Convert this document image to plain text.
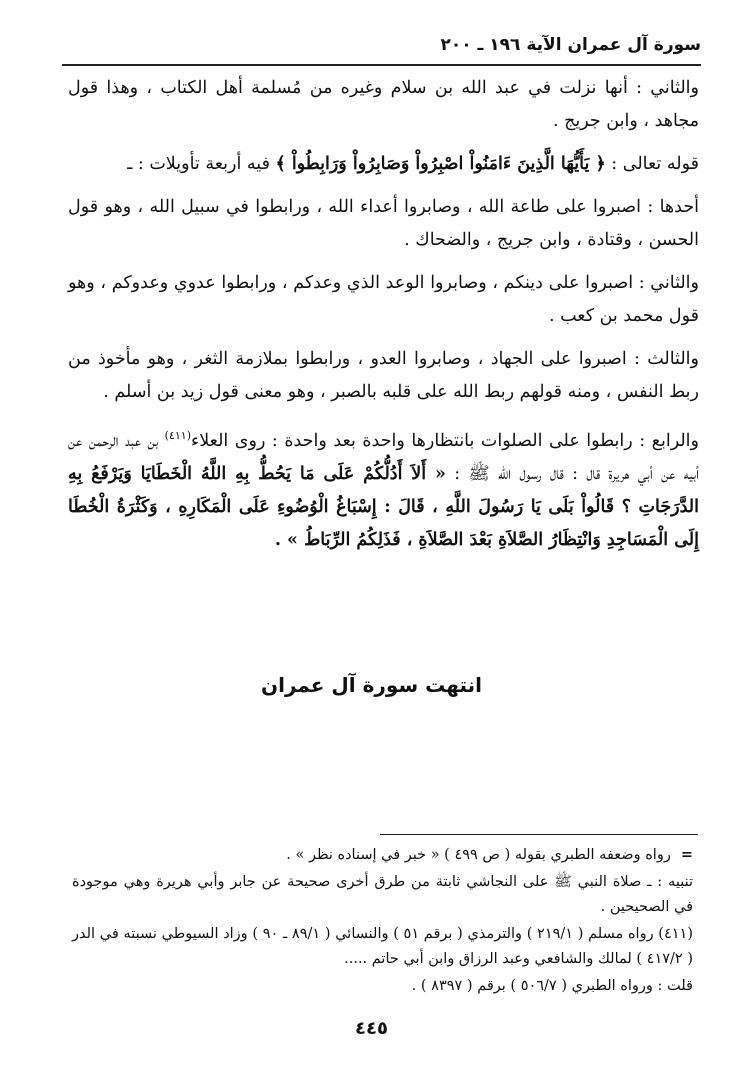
سورة آل عمران الآية ١٩٦ ـ ٢٠٠

والثاني : أنها نزلت في عبد الله بن سلام وغيره من مُسلمة أهل الكتاب ، وهذا قول مجاهد ، وابن جريج .

قوله تعالى : ﴿ يَأَيُّهَا الَّذِينَ ءَامَنُواْ اصْبِرُواْ وَصَابِرُواْ وَرَابِطُواْ ﴾ فيه أربعة تأويلات : ـ

أحدها : اصبروا على طاعة الله ، وصابروا أعداء الله ، ورابطوا في سبيل الله ، وهو قول الحسن ، وقتادة ، وابن جريج ، والضحاك .

والثاني : اصبروا على دينكم ، وصابروا الوعد الذي وعدكم ، ورابطوا عدوي وعدوكم ، وهو قول محمد بن كعب .

والثالث : اصبروا على الجهاد ، وصابروا العدو ، ورابطوا بملازمة الثغر ، وهو مأخوذ من ربط النفس ، ومنه قولهم ربط الله على قلبه بالصبر ، وهو معنى قول زيد بن أسلم .

والرابع : رابطوا على الصلوات بانتظارها واحدة بعد واحدة : روى العلاء$^{(٤١١)}$ بن عبد الرحمن عن أبيه عن أبي هريرة قال : قال رسول الله ﷺ : « أَلاَ أَدُلُّكُمْ عَلَى مَا يَحُطُّ بِهِ اللَّهُ الْخَطَايَا وَيَرْفَعُ بِهِ الدَّرَجَاتِ ؟ قَالُواْ بَلَى يَا رَسُولَ اللَّهِ ، قَالَ : إِسْبَاغُ الْوُضُوءِ عَلَى الْمَكَارِهِ ، وَكَثْرَةُ الْخُطَا إِلَى الْمَسَاجِدِ وَانْتِظَارُ الصَّلاَةِ بَعْدَ الصَّلاَةِ ، فَذَلِكُمُ الرِّبَاطُ » .

انتهت سورة آل عمران

=رواه وضعفه الطبري بقوله ( ص ٤٩٩ ) « خبر في إسناده نظر » .

تنبيه : ـ صلاة النبي ﷺ على النجاشي ثابتة من طرق أخرى صحيحة عن جابر وأبي هريرة وهي موجودة في الصحيحين .

(٤١١) رواه مسلم ( ٢١٩/١ ) والترمذي ( برقم ٥١ ) والنسائي ( ٨٩/١ ـ ٩٠ ) وزاد السيوطي نسبته في الدر ( ٤١٧/٢ ) لمالك والشافعي وعبد الرزاق وابن أبي حاتم .....

قلت : ورواه الطبري ( ٥٠٦/٧ ) برقم ( ٨٣٩٧ ) .

٤٤٥
